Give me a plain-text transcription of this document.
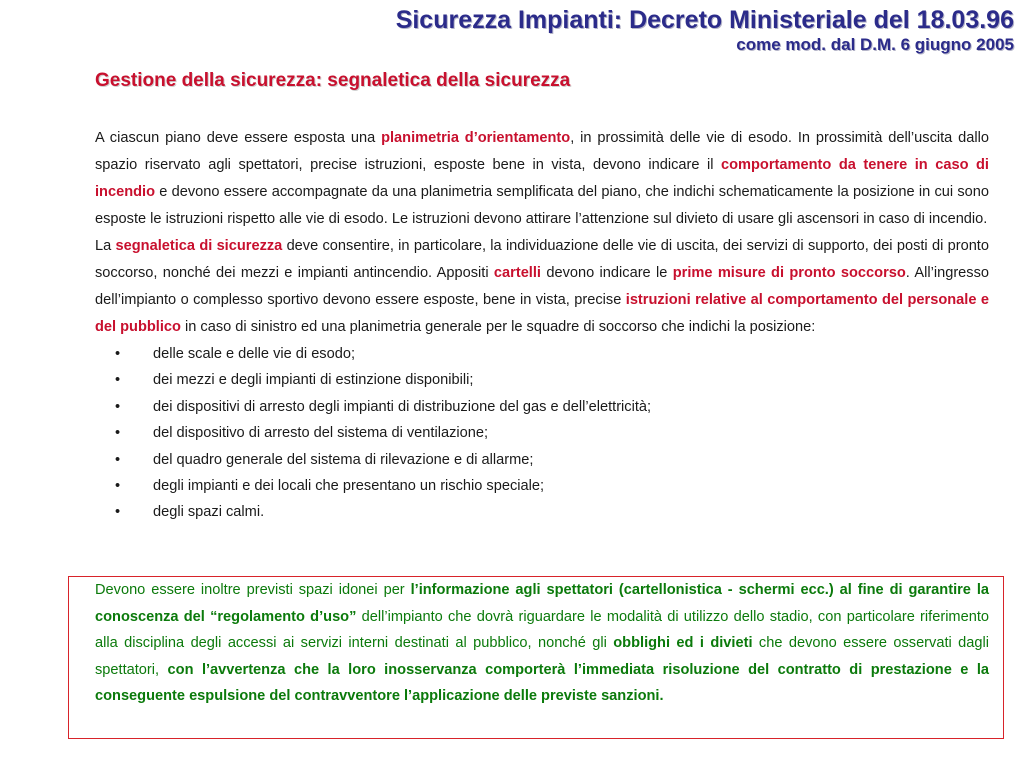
Sicurezza Impianti: Decreto Ministeriale del 18.03.96
come mod. dal D.M. 6 giugno 2005
Gestione della sicurezza: segnaletica della sicurezza

A ciascun piano deve essere esposta una planimetria d’orientamento, in prossimità delle vie di esodo. In prossimità dell’uscita dallo spazio riservato agli spettatori, precise istruzioni, esposte bene in vista, devono indicare il comportamento da tenere in caso di incendio e devono essere accompagnate da una planimetria semplificata del piano, che indichi schematicamente la posizione in cui sono esposte le istruzioni rispetto alle vie di esodo. Le istruzioni devono attirare l’attenzione sul divieto di usare gli ascensori in caso di incendio.

La segnaletica di sicurezza deve consentire, in particolare, la individuazione delle vie di uscita, dei servizi di supporto, dei posti di pronto soccorso, nonché dei mezzi e impianti antincendio. Appositi cartelli devono indicare le prime misure di pronto soccorso. All’ingresso dell’impianto o complesso sportivo devono essere esposte, bene in vista, precise istruzioni relative al comportamento del personale e del pubblico in caso di sinistro ed una planimetria generale per le squadre di soccorso che indichi la posizione:

• delle scale e delle vie di esodo;
• dei mezzi e degli impianti di estinzione disponibili;
• dei dispositivi di arresto degli impianti di distribuzione del gas e dell’elettricità;
• del dispositivo di arresto del sistema di ventilazione;
• del quadro generale del sistema di rilevazione e di allarme;
• degli impianti e dei locali che presentano un rischio speciale;
• degli spazi calmi.
Devono essere inoltre previsti spazi idonei per l’informazione agli spettatori (cartellonistica - schermi ecc.) al fine di garantire la conoscenza del “regolamento d’uso” dell’impianto che dovrà riguardare le modalità di utilizzo dello stadio, con particolare riferimento alla disciplina degli accessi ai servizi interni destinati al pubblico, nonché gli obblighi ed i divieti che devono essere osservati dagli spettatori, con l’avvertenza che la loro inosservanza comporterà l’immediata risoluzione del contratto di prestazione e la conseguente espulsione del contravventore l’applicazione delle previste sanzioni.
